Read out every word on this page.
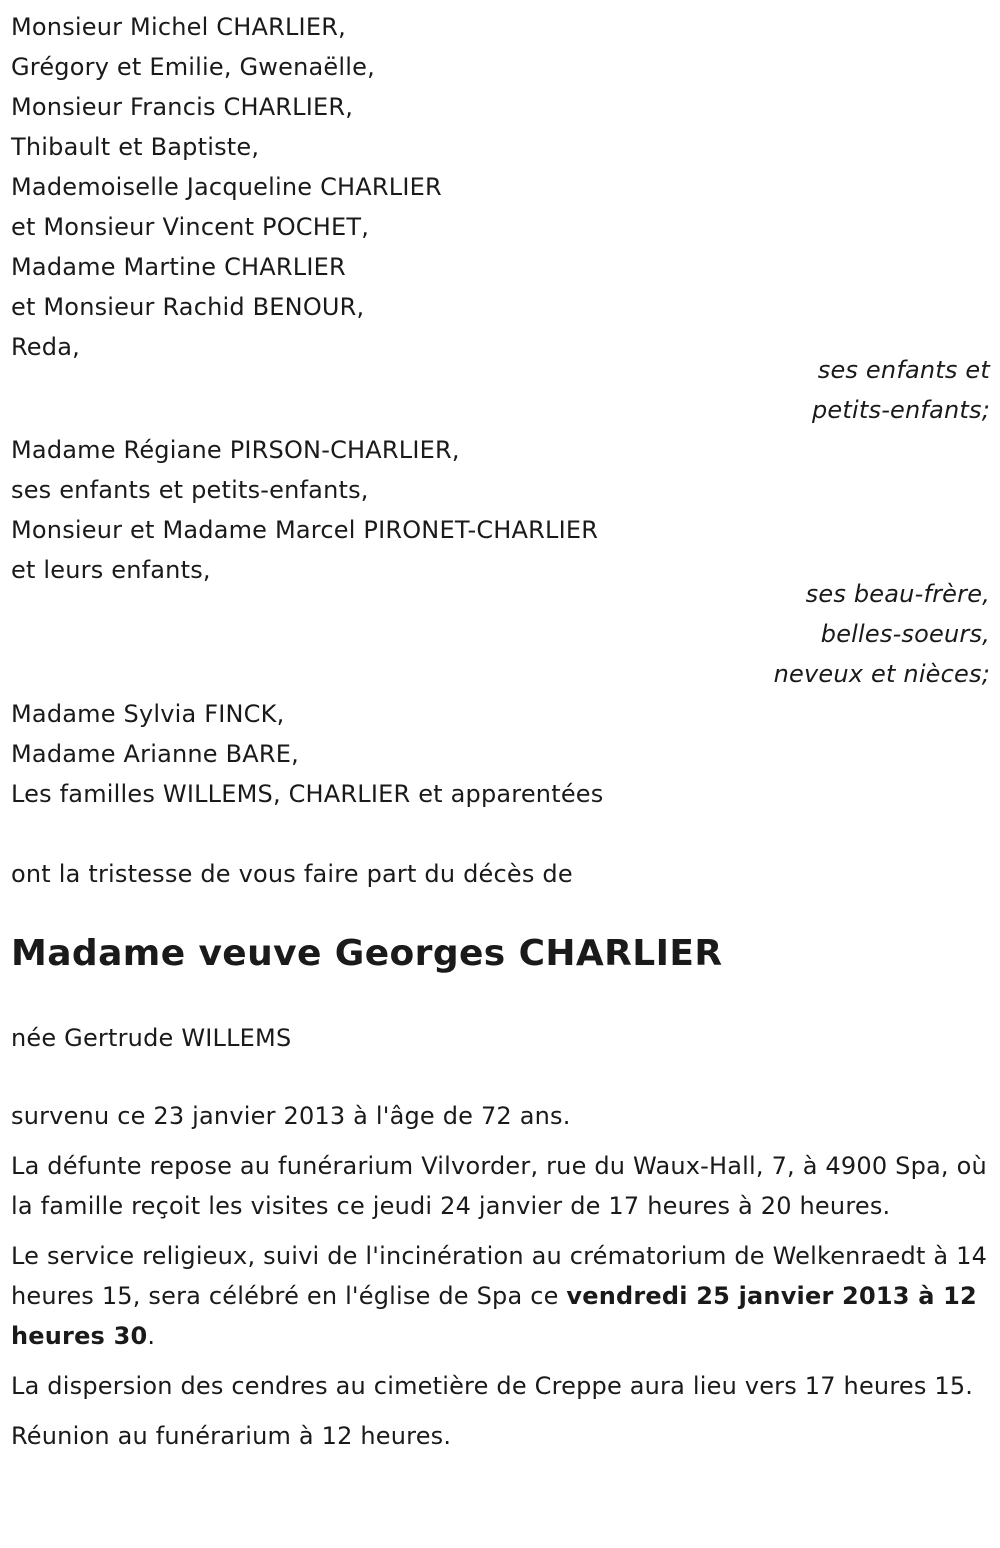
Monsieur Michel CHARLIER,
Grégory et Emilie, Gwenaëlle,
Monsieur Francis CHARLIER,
Thibault et Baptiste,
Mademoiselle Jacqueline CHARLIER
et Monsieur Vincent POCHET,
Madame Martine CHARLIER
et Monsieur Rachid BENOUR,
Reda,
ses enfants et
petits-enfants;
Madame Régiane PIRSON-CHARLIER,
ses enfants et petits-enfants,
Monsieur et Madame Marcel PIRONET-CHARLIER
et leurs enfants,
ses beau-frère,
belles-soeurs,
neveux et nièces;
Madame Sylvia FINCK,
Madame Arianne BARE,
Les familles WILLEMS, CHARLIER et apparentées
ont la tristesse de vous faire part du décès de
Madame veuve Georges CHARLIER
née Gertrude WILLEMS

survenu ce 23 janvier 2013 à l'âge de 72 ans.

La défunte repose au funérarium Vilvorder, rue du Waux-Hall, 7, à 4900 Spa, où la famille reçoit les visites ce jeudi 24 janvier de 17 heures à 20 heures.

Le service religieux, suivi de l'incinération au crématorium de Welkenraedt à 14 heures 15, sera célébré en l'église de Spa ce vendredi 25 janvier 2013 à 12 heures 30.

La dispersion des cendres au cimetière de Creppe aura lieu vers 17 heures 15.

Réunion au funérarium à 12 heures.
